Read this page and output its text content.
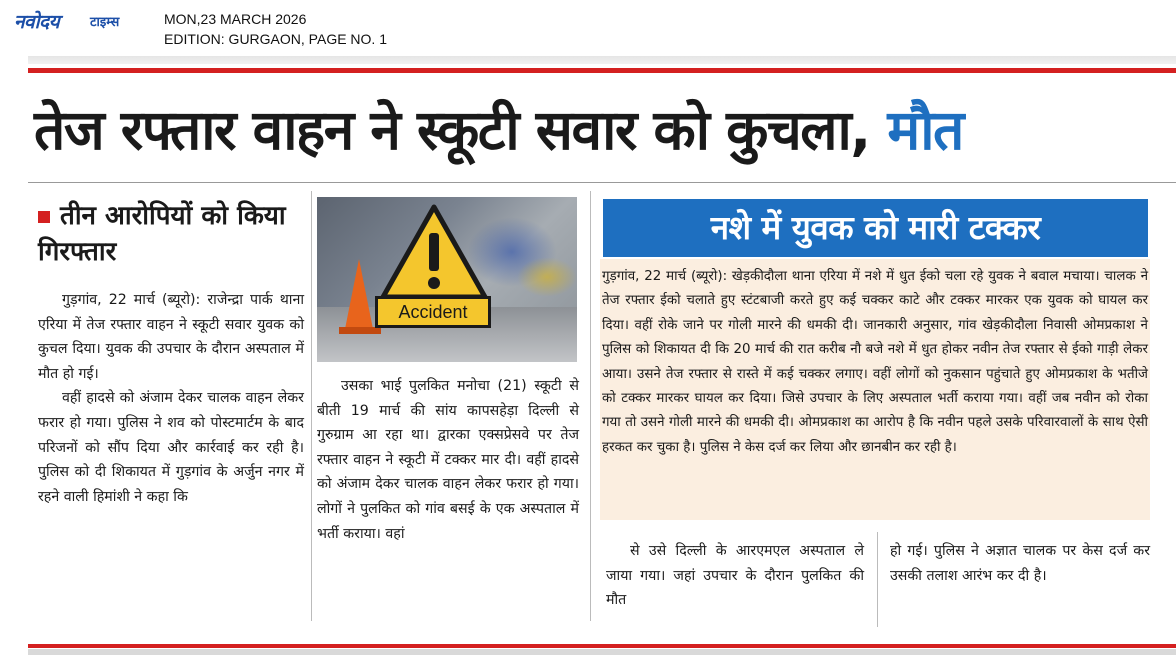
नवोदय टाइम्स	MON,23 MARCH 2026
EDITION: GURGAON, PAGE NO. 1
तेज रफ्तार वाहन ने स्कूटी सवार को कुचला, मौत
तीन आरोपियों को किया गिरफ्तार

गुड़गांव, 22 मार्च (ब्यूरो): राजेन्द्रा पार्क थाना एरिया में तेज रफ्तार वाहन ने स्कूटी सवार युवक को कुचल दिया। युवक की उपचार के दौरान अस्पताल में मौत हो गई।

वहीं हादसे को अंजाम देकर चालक वाहन लेकर फरार हो गया। पुलिस ने शव को पोस्टमार्टम के बाद परिजनों को सौंप दिया और कार्रवाई कर रही है। पुलिस को दी शिकायत में गुड़गांव के अर्जुन नगर में रहने वाली हिमांशी ने कहा कि

Accident

उसका भाई पुलकित मनोचा (21) स्कूटी से बीती 19 मार्च की सांय कापसहेड़ा दिल्ली से गुरुग्राम आ रहा था। द्वारका एक्सप्रेसवे पर तेज रफ्तार वाहन ने स्कूटी में टक्कर मार दी। वहीं हादसे को अंजाम देकर चालक वाहन लेकर फरार हो गया। लोगों ने पुलकित को गांव बसई के एक अस्पताल में भर्ती कराया। वहां

नशे में युवक को मारी टक्कर
गुड़गांव, 22 मार्च (ब्यूरो): खेड़कीदौला थाना एरिया में नशे में धुत ईको चला रहे युवक ने बवाल मचाया। चालक ने तेज रफ्तार ईको चलाते हुए स्टंटबाजी करते हुए कई चक्कर काटे और टक्कर मारकर एक युवक को घायल कर दिया। वहीं रोके जाने पर गोली मारने की धमकी दी। जानकारी अनुसार, गांव खेड़कीदौला निवासी ओमप्रकाश ने पुलिस को शिकायत दी कि 20 मार्च की रात करीब नौ बजे नशे में धुत होकर नवीन तेज रफ्तार से ईको गाड़ी लेकर आया। उसने तेज रफ्तार से रास्ते में कई चक्कर लगाए। वहीं लोगों को नुकसान पहुंचाते हुए ओमप्रकाश के भतीजे को टक्कर मारकर घायल कर दिया। जिसे उपचार के लिए अस्पताल भर्ती कराया गया। वहीं जब नवीन को रोका गया तो उसने गोली मारने की धमकी दी। ओमप्रकाश का आरोप है कि नवीन पहले उसके परिवारवालों के साथ ऐसी हरकत कर चुका है। पुलिस ने केस दर्ज कर लिया और छानबीन कर रही है।

से उसे दिल्ली के आरएमएल अस्पताल ले जाया गया। जहां उपचार के दौरान पुलकित की मौत

हो गई। पुलिस ने अज्ञात चालक पर केस दर्ज कर उसकी तलाश आरंभ कर दी है।
